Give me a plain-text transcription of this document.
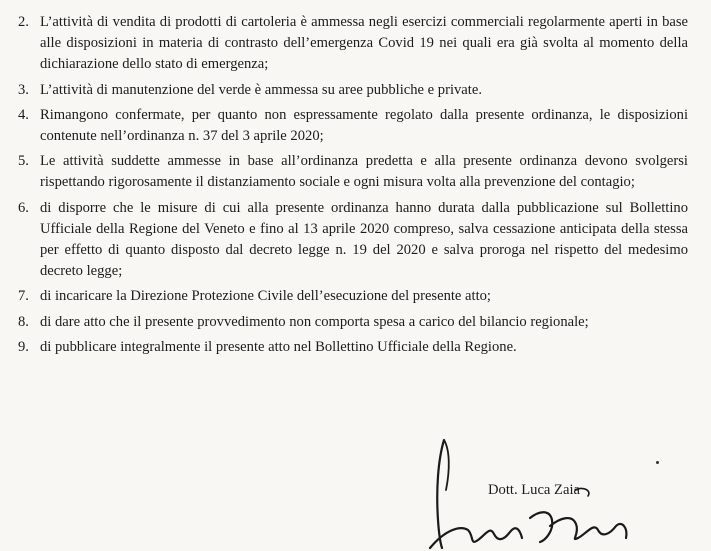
2. L’attività di vendita di prodotti di cartoleria è ammessa negli esercizi commerciali regolarmente aperti in base alle disposizioni in materia di contrasto dell’emergenza Covid 19 nei quali era già svolta al momento della dichiarazione dello stato di emergenza;
3. L’attività di manutenzione del verde è ammessa su aree pubbliche e private.
4. Rimangono confermate, per quanto non espressamente regolato dalla presente ordinanza, le disposizioni contenute nell’ordinanza n. 37 del 3 aprile 2020;
5. Le attività suddette ammesse in base all’ordinanza predetta e alla presente ordinanza devono svolgersi rispettando rigorosamente il distanziamento sociale e ogni misura volta alla prevenzione del contagio;
6. di disporre che le misure di cui alla presente ordinanza hanno durata dalla pubblicazione sul Bollettino Ufficiale della Regione del Veneto e fino al 13 aprile 2020 compreso, salva cessazione anticipata della stessa per effetto di quanto disposto dal decreto legge n. 19 del 2020 e salva proroga nel rispetto del medesimo decreto legge;
7. di incaricare la Direzione Protezione Civile dell’esecuzione del presente atto;
8. di dare atto che il presente provvedimento non comporta spesa a carico del bilancio regionale;
9. di pubblicare integralmente il presente atto nel Bollettino Ufficiale della Regione.
Dott. Luca Zaia
